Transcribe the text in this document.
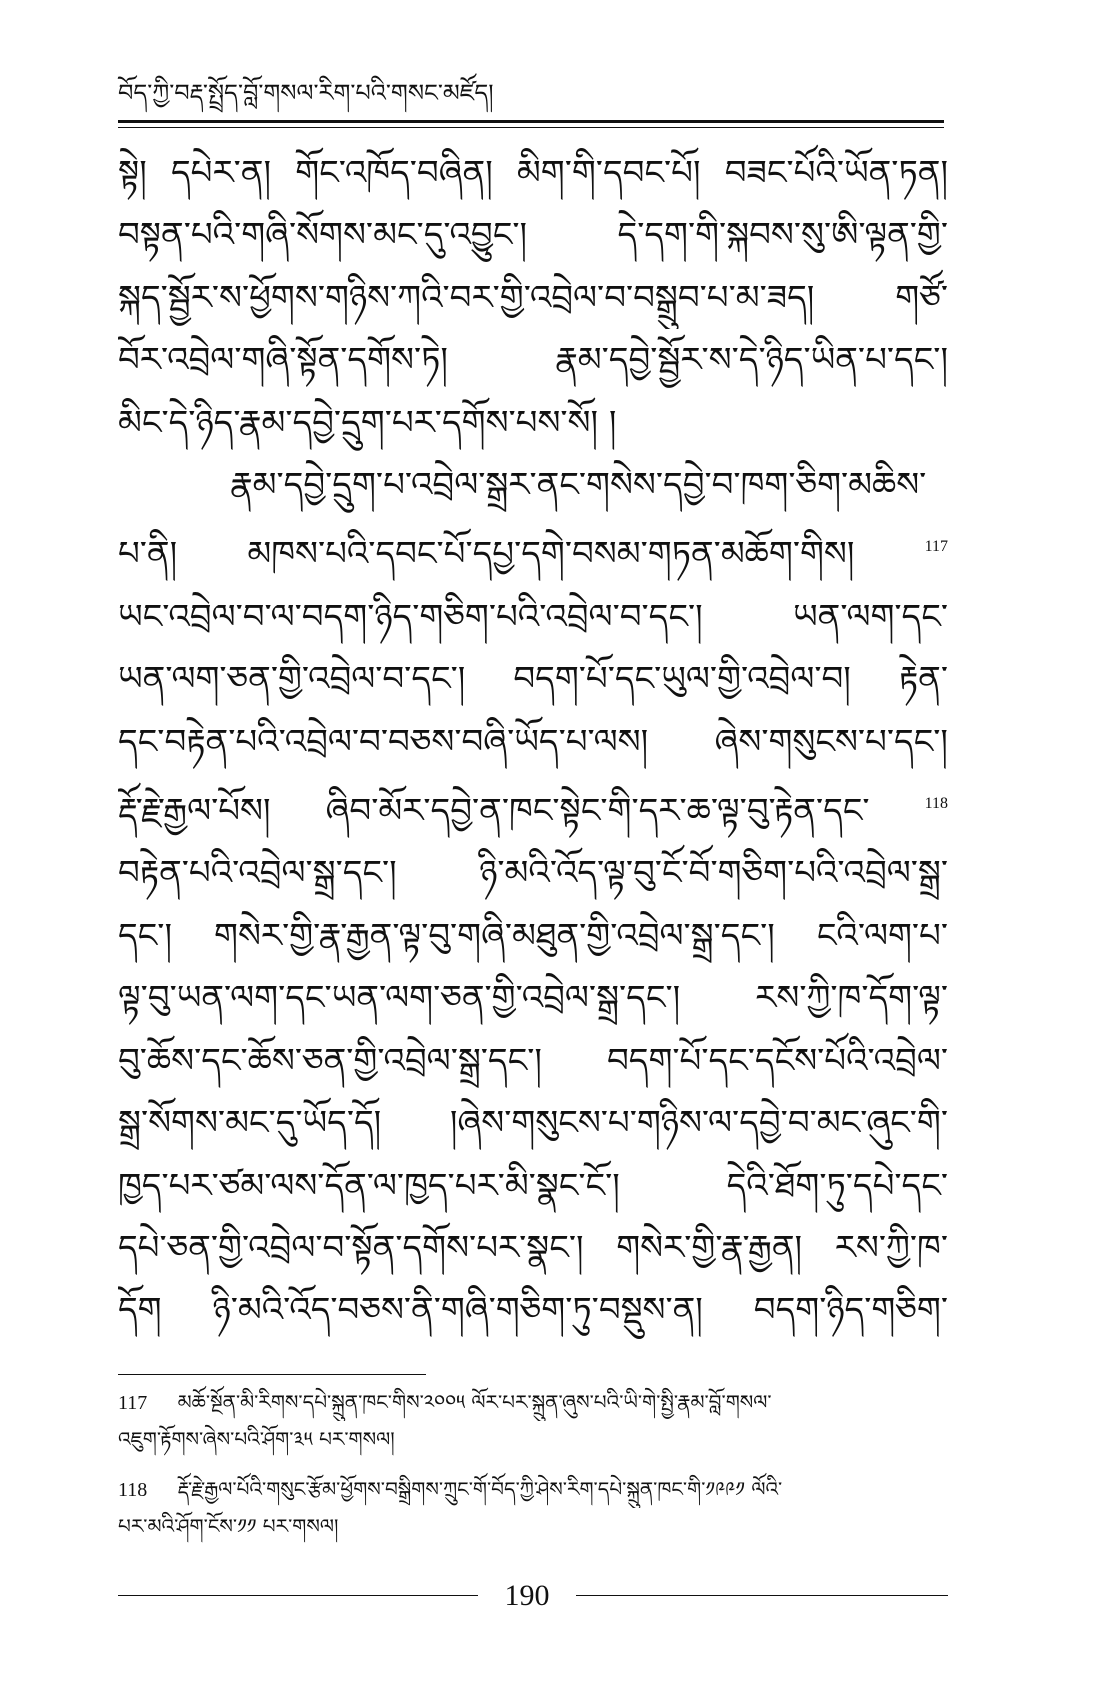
བོད་ཀྱི་བརྡ་སྤྲོད་བློ་གསལ་རིག་པའི་གསང་མཛོད།
སྟེ། དཔེར་ན། གོང་འཁོད་བཞིན། མིག་གི་དབང་པོ། བཟང་པོའི་ཡོན་ཏན།
བསྟན་པའི་གཞི་སོགས་མང་དུ་འབྱུང་། དེ་དག་གི་སྐབས་སུ་ཨི་ལྟན་གྱི་
སྐད་སྦྱོར་ས་ཕྱོགས་གཉིས་ཀའི་བར་གྱི་འབྲེལ་བ་བསྒྲུབ་པ་མ་ཟད། གཙོ་
བོར་འབྲེལ་གཞི་སྟོན་དགོས་ཏེ། རྣམ་དབྱེ་སྦྱོར་ས་དེ་ཉིད་ཡིན་པ་དང་།
མིང་དེ་ཉིད་རྣམ་དབྱེ་དྲུག་པར་དགོས་པས་སོ། །
རྣམ་དབྱེ་དྲུག་པ་འབྲེལ་སྒྲར་ནང་གསེས་དབྱེ་བ་ཁག་ཅིག་མཆིས་
པ་ནི། མཁས་པའི་དབང་པོ་དཔྱ་དགེ་བསམ་གཏན་མཆོག་གིས།	$^{117}$
ཡང་འབྲེལ་བ་ལ་བདག་ཉིད་གཅིག་པའི་འབྲེལ་བ་དང་། ཡན་ལག་དང་
ཡན་ལག་ཅན་གྱི་འབྲེལ་བ་དང་། བདག་པོ་དང་ཡུལ་གྱི་འབྲེལ་བ། རྟེན་
དང་བརྟེན་པའི་འབྲེལ་བ་བཅས་བཞི་ཡོད་པ་ལས། ཞེས་གསུངས་པ་དང་།
རྡོ་རྗེ་རྒྱལ་པོས། ཞིབ་མོར་དབྱེ་ན་ཁང་སྟེང་གི་དར་ཆ་ལྟ་བུ་རྟེན་དང་	$^{118}$
བརྟེན་པའི་འབྲེལ་སྒྲ་དང་། ཉི་མའི་འོད་ལྟ་བུ་ངོ་བོ་གཅིག་པའི་འབྲེལ་སྒྲ་
དང་། གསེར་གྱི་རྣ་རྒྱན་ལྟ་བུ་གཞི་མཐུན་གྱི་འབྲེལ་སྒྲ་དང་། ངའི་ལག་པ་
ལྟ་བུ་ཡན་ལག་དང་ཡན་ལག་ཅན་གྱི་འབྲེལ་སྒྲ་དང་། རས་ཀྱི་ཁ་དོག་ལྟ་
བུ་ཆོས་དང་ཆོས་ཅན་གྱི་འབྲེལ་སྒྲ་དང་། བདག་པོ་དང་དངོས་པོའི་འབྲེལ་
སྒྲ་སོགས་མང་དུ་ཡོད་དོ། །ཞེས་གསུངས་པ་གཉིས་ལ་དབྱེ་བ་མང་ཞུང་གི་
ཁྱད་པར་ཙམ་ལས་དོན་ལ་ཁྱད་པར་མི་སྣང་ངོ་། དེའི་ཐོག་ཏུ་དཔེ་དང་
དཔེ་ཅན་གྱི་འབྲེལ་བ་སྟོན་དགོས་པར་སྣང་། གསེར་གྱི་རྣ་རྒྱན། རས་ཀྱི་ཁ་
དོག ཉི་མའི་འོད་བཅས་ནི་གཞི་གཅིག་ཏུ་བསྡུས་ན། བདག་ཉིད་གཅིག་
117 མཆོ་སྔོན་མི་རིགས་དཔེ་སྐྲུན་ཁང་གིས་༢༠༠༥ ལོར་པར་སྐྲུན་ཞུས་པའི་ཡི་གེ་སྤྱི་རྣམ་བློ་གསལ་
འཇུག་རྟོགས་ཞེས་པའི་ཤོག་༣༥ པར་གསལ།
118 རྡོ་རྗེ་རྒྱལ་པོའི་གསུང་རྩོམ་ཕྱོགས་བསྒྲིགས་ཀྲུང་གོ་བོད་ཀྱི་ཤེས་རིག་དཔེ་སྐྲུན་ཁང་གི་༡༩༩༡ ལོའི་
པར་མའི་ཤོག་ངོས་༡༡ པར་གསལ།
190
